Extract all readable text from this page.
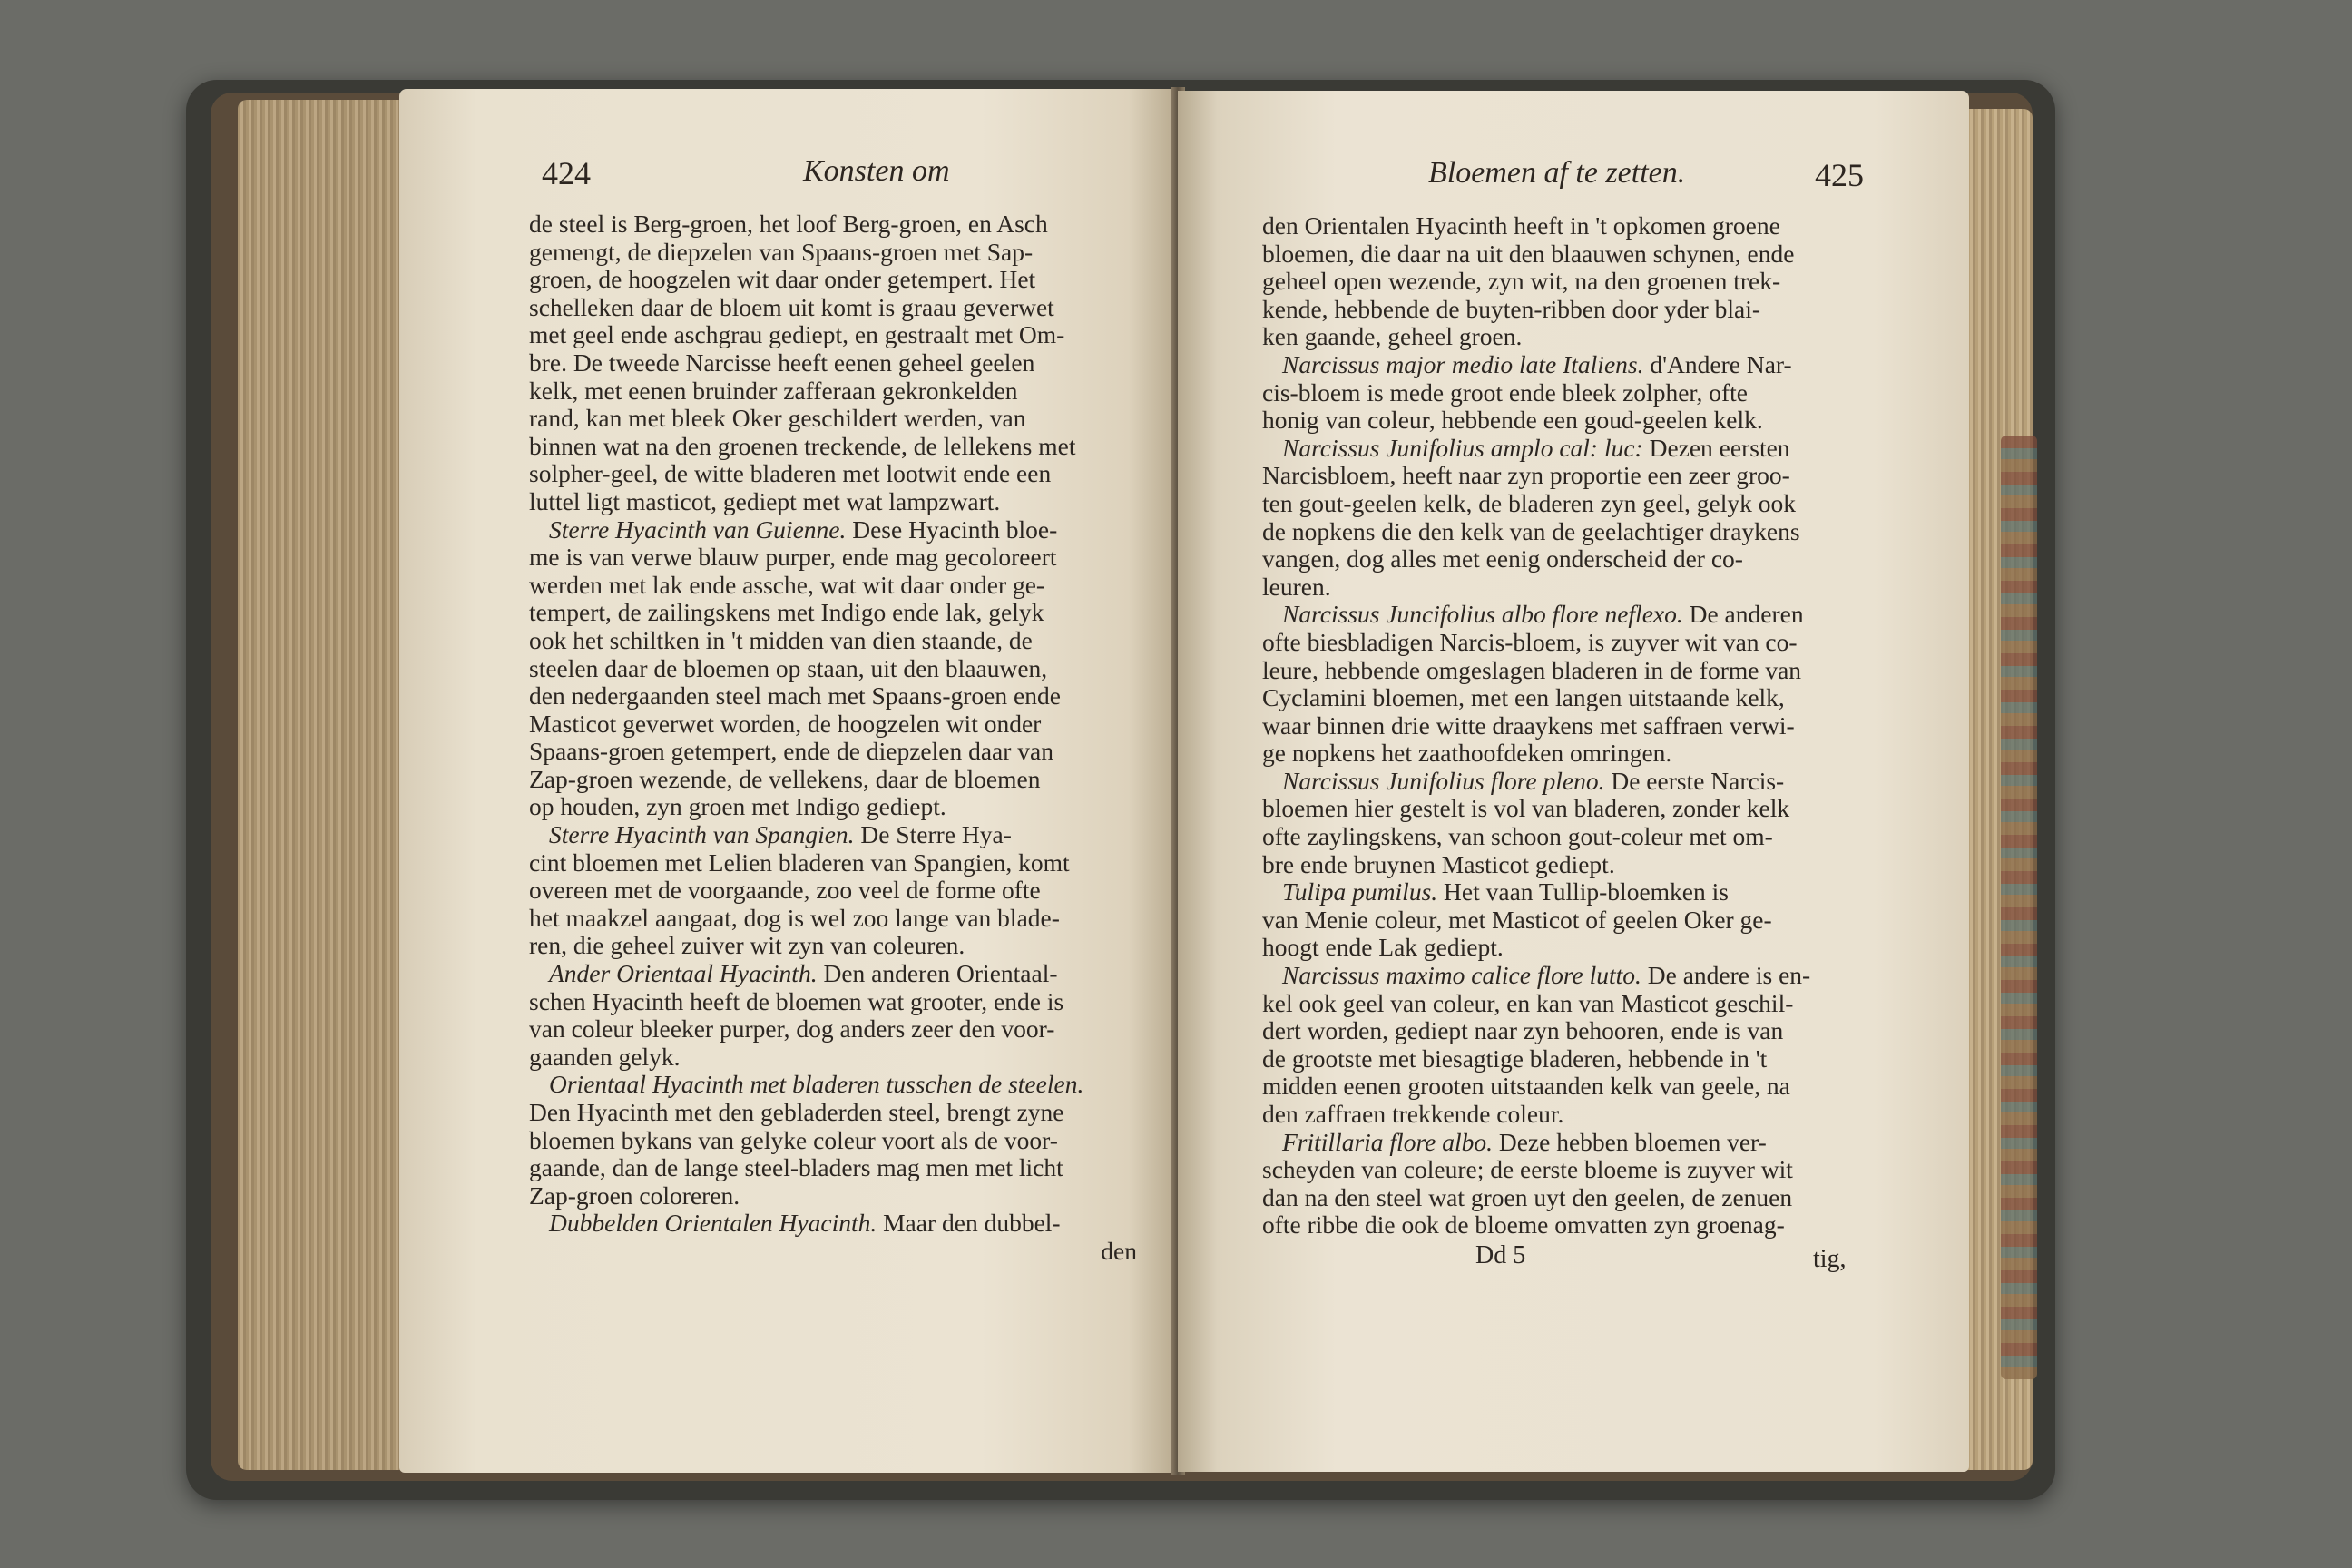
424	Konsten om
de steel is Berg-groen, het loof Berg-groen, en Asch
gemengt, de diepzelen van Spaans-groen met Sap-
groen, de hoogzelen wit daar onder getempert. Het
schelleken daar de bloem uit komt is graau geverwet
met geel ende aschgrau gediept, en gestraalt met Om-
bre. De tweede Narcisse heeft eenen geheel geelen
kelk, met eenen bruinder zafferaan gekronkelden
rand, kan met bleek Oker geschildert werden, van
binnen wat na den groenen treckende, de lellekens met
solpher-geel, de witte bladeren met lootwit ende een
luttel ligt masticot, gediept met wat lampzwart.
Sterre Hyacinth van Guienne. Dese Hyacinth bloe-
me is van verwe blauw purper, ende mag gecoloreert
werden met lak ende assche, wat wit daar onder ge-
tempert, de zailingskens met Indigo ende lak, gelyk
ook het schiltken in 't midden van dien staande, de
steelen daar de bloemen op staan, uit den blaauwen,
den nedergaanden steel mach met Spaans-groen ende
Masticot geverwet worden, de hoogzelen wit onder
Spaans-groen getempert, ende de diepzelen daar van
Zap-groen wezende, de vellekens, daar de bloemen
op houden, zyn groen met Indigo gediept.
Sterre Hyacinth van Spangien. De Sterre Hya-
cint bloemen met Lelien bladeren van Spangien, komt
overeen met de voorgaande, zoo veel de forme ofte
het maakzel aangaat, dog is wel zoo lange van blade-
ren, die geheel zuiver wit zyn van coleuren.
Ander Orientaal Hyacinth. Den anderen Orientaal-
schen Hyacinth heeft de bloemen wat grooter, ende is
van coleur bleeker purper, dog anders zeer den voor-
gaanden gelyk.
Orientaal Hyacinth met bladeren tusschen de steelen.
Den Hyacinth met den gebladerden steel, brengt zyne
bloemen bykans van gelyke coleur voort als de voor-
gaande, dan de lange steel-bladers mag men met licht
Zap-groen coloreren.
Dubbelden Orientalen Hyacinth. Maar den dubbel-
den
Bloemen af te zetten.	425
den Orientalen Hyacinth heeft in 't opkomen groene
bloemen, die daar na uit den blaauwen schynen, ende
geheel open wezende, zyn wit, na den groenen trek-
kende, hebbende de buyten-ribben door yder blai-
ken gaande, geheel groen.
Narcissus major medio late Italiens. d'Andere Nar-
cis-bloem is mede groot ende bleek zolpher, ofte
honig van coleur, hebbende een goud-geelen kelk.
Narcissus Junifolius amplo cal: luc: Dezen eersten
Narcisbloem, heeft naar zyn proportie een zeer groo-
ten gout-geelen kelk, de bladeren zyn geel, gelyk ook
de nopkens die den kelk van de geelachtiger draykens
vangen, dog alles met eenig onderscheid der co-
leuren.
Narcissus Juncifolius albo flore neflexo. De anderen
ofte biesbladigen Narcis-bloem, is zuyver wit van co-
leure, hebbende omgeslagen bladeren in de forme van
Cyclamini bloemen, met een langen uitstaande kelk,
waar binnen drie witte draaykens met saffraen verwi-
ge nopkens het zaathoofdeken omringen.
Narcissus Junifolius flore pleno. De eerste Narcis-
bloemen hier gestelt is vol van bladeren, zonder kelk
ofte zaylingskens, van schoon gout-coleur met om-
bre ende bruynen Masticot gediept.
Tulipa pumilus. Het vaan Tullip-bloemken is
van Menie coleur, met Masticot of geelen Oker ge-
hoogt ende Lak gediept.
Narcissus maximo calice flore lutto. De andere is en-
kel ook geel van coleur, en kan van Masticot geschil-
dert worden, gediept naar zyn behooren, ende is van
de grootste met biesagtige bladeren, hebbende in 't
midden eenen grooten uitstaanden kelk van geele, na
den zaffraen trekkende coleur.
Fritillaria flore albo. Deze hebben bloemen ver-
scheyden van coleure; de eerste bloeme is zuyver wit
dan na den steel wat groen uyt den geelen, de zenuen
ofte ribbe die ook de bloeme omvatten zyn groenag-
Dd 5	tig,
